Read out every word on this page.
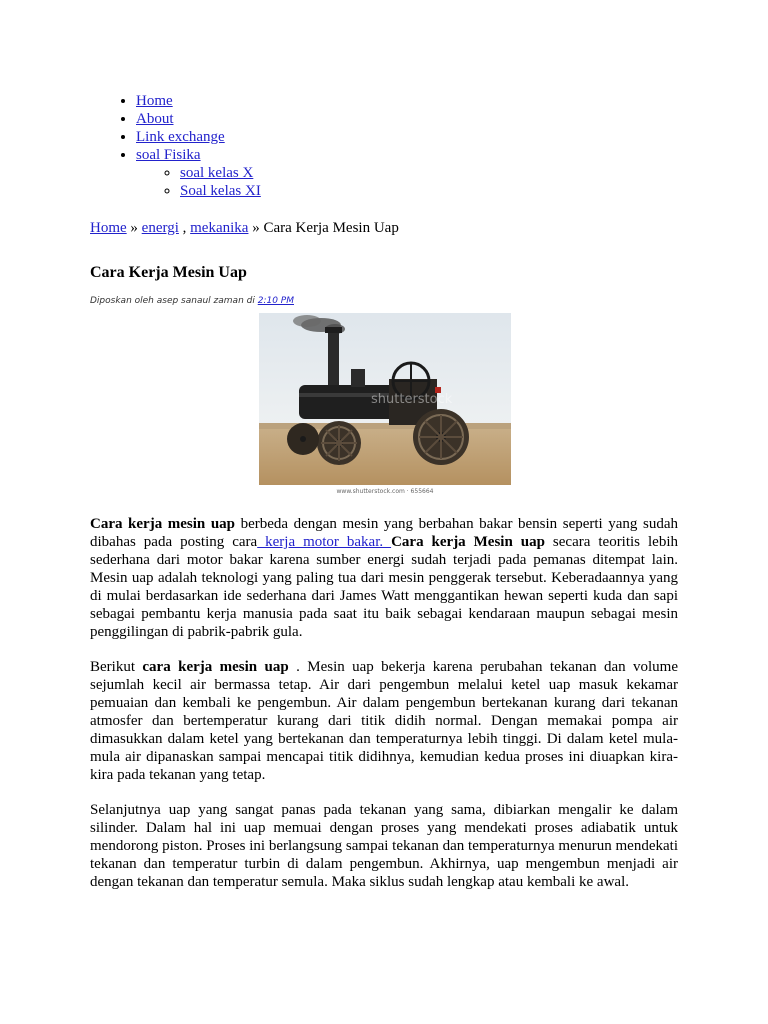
• Home
• About
• Link exchange
• soal Fisika
◦ soal kelas X
◦ Soal kelas XI
Home » energi , mekanika » Cara Kerja Mesin Uap
Cara Kerja Mesin Uap
Diposkan oleh asep sanaul zaman di 2:10 PM
shutterstock
www.shutterstock.com · 655664

Cara kerja mesin uap berbeda dengan mesin yang berbahan bakar bensin seperti yang sudah dibahas pada posting cara kerja motor bakar. Cara kerja Mesin uap secara teoritis lebih sederhana dari motor bakar karena sumber energi sudah terjadi pada pemanas ditempat lain. Mesin uap adalah teknologi yang paling tua dari mesin penggerak tersebut. Keberadaannya yang di mulai berdasarkan ide sederhana dari James Watt menggantikan hewan seperti kuda dan sapi sebagai pembantu kerja manusia pada saat itu baik sebagai kendaraan maupun sebagai mesin penggilingan di pabrik-pabrik gula.

Berikut cara kerja mesin uap . Mesin uap bekerja karena perubahan tekanan dan volume sejumlah kecil air bermassa tetap. Air dari pengembun melalui ketel uap masuk kekamar pemuaian dan kembali ke pengembun. Air dalam pengembun bertekanan kurang dari tekanan atmosfer dan bertemperatur kurang dari titik didih normal. Dengan memakai pompa air dimasukkan dalam ketel yang bertekanan dan temperaturnya lebih tinggi. Di dalam ketel mula-mula air dipanaskan sampai mencapai titik didihnya, kemudian kedua proses ini diuapkan kira-kira pada tekanan yang tetap.

Selanjutnya uap yang sangat panas pada tekanan yang sama, dibiarkan mengalir ke dalam silinder. Dalam hal ini uap memuai dengan proses yang mendekati proses adiabatik untuk mendorong piston. Proses ini berlangsung sampai tekanan dan temperaturnya menurun mendekati tekanan dan temperatur turbin di dalam pengembun. Akhirnya, uap mengembun menjadi air dengan tekanan dan temperatur semula. Maka siklus sudah lengkap atau kembali ke awal.
